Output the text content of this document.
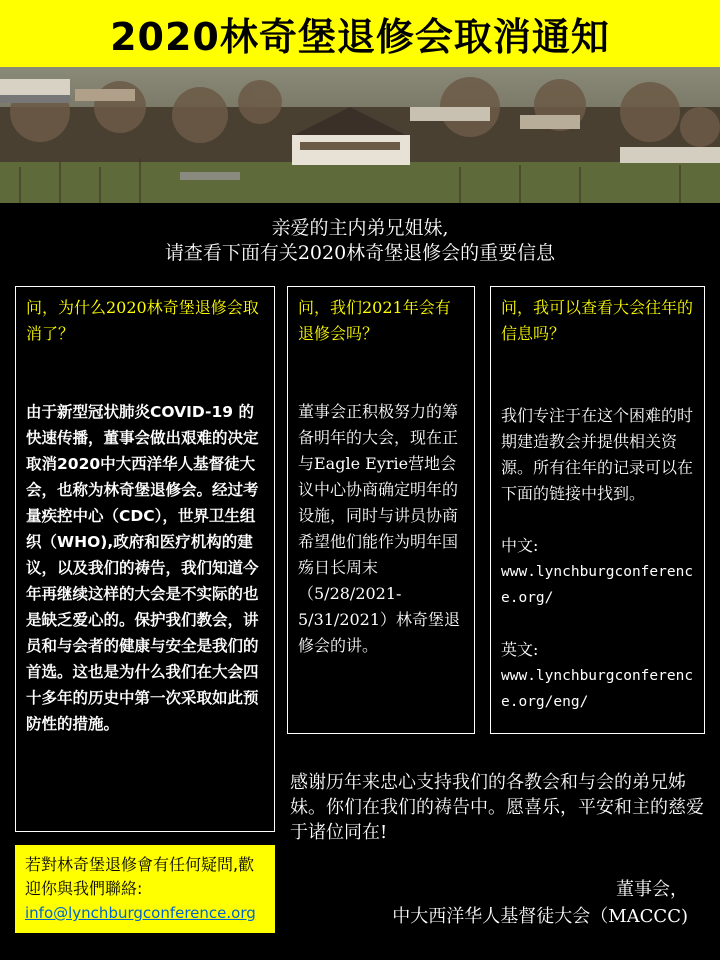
2020林奇堡退修会取消通知
亲爱的主内弟兄姐妹,
请查看下面有关2020林奇堡退修会的重要信息
问，为什么2020林奇堡退修会取消了？
由于新型冠状肺炎COVID-19 的快速传播，董事会做出艰难的决定取消2020中大西洋华人基督徒大会，也称为林奇堡退修会。经过考量疾控中心（CDC），世界卫生组织（WHO),政府和医疗机构的建议，以及我们的祷告，我们知道今年再继续这样的大会是不实际的也是缺乏爱心的。保护我们教会，讲员和与会者的健康与安全是我们的首选。这也是为什么我们在大会四十多年的历史中第一次采取如此预防性的措施。
问，我们2021年会有退修会吗？
董事会正积极努力的筹备明年的大会，现在正与Eagle Eyrie营地会议中心协商确定明年的设施，同时与讲员协商希望他们能作为明年国殇日长周末（5/28/2021-5/31/2021）林奇堡退修会的讲。
问，我可以查看大会往年的信息吗？

我们专注于在这个困难的时期建造教会并提供相关资源。所有往年的记录可以在下面的链接中找到。

中文:

www.lynchburgconference.org/

英文:

www.lynchburgconference.org/eng/

感谢历年来忠心支持我们的各教会和与会的弟兄姊妹。你们在我们的祷告中。愿喜乐，平安和主的慈爱于诸位同在!
若對林奇堡退修會有任何疑問,歡迎你與我們聯絡:
info@lynchburgconference.org
董事会，
中大西洋华人基督徒大会（MACCC)
